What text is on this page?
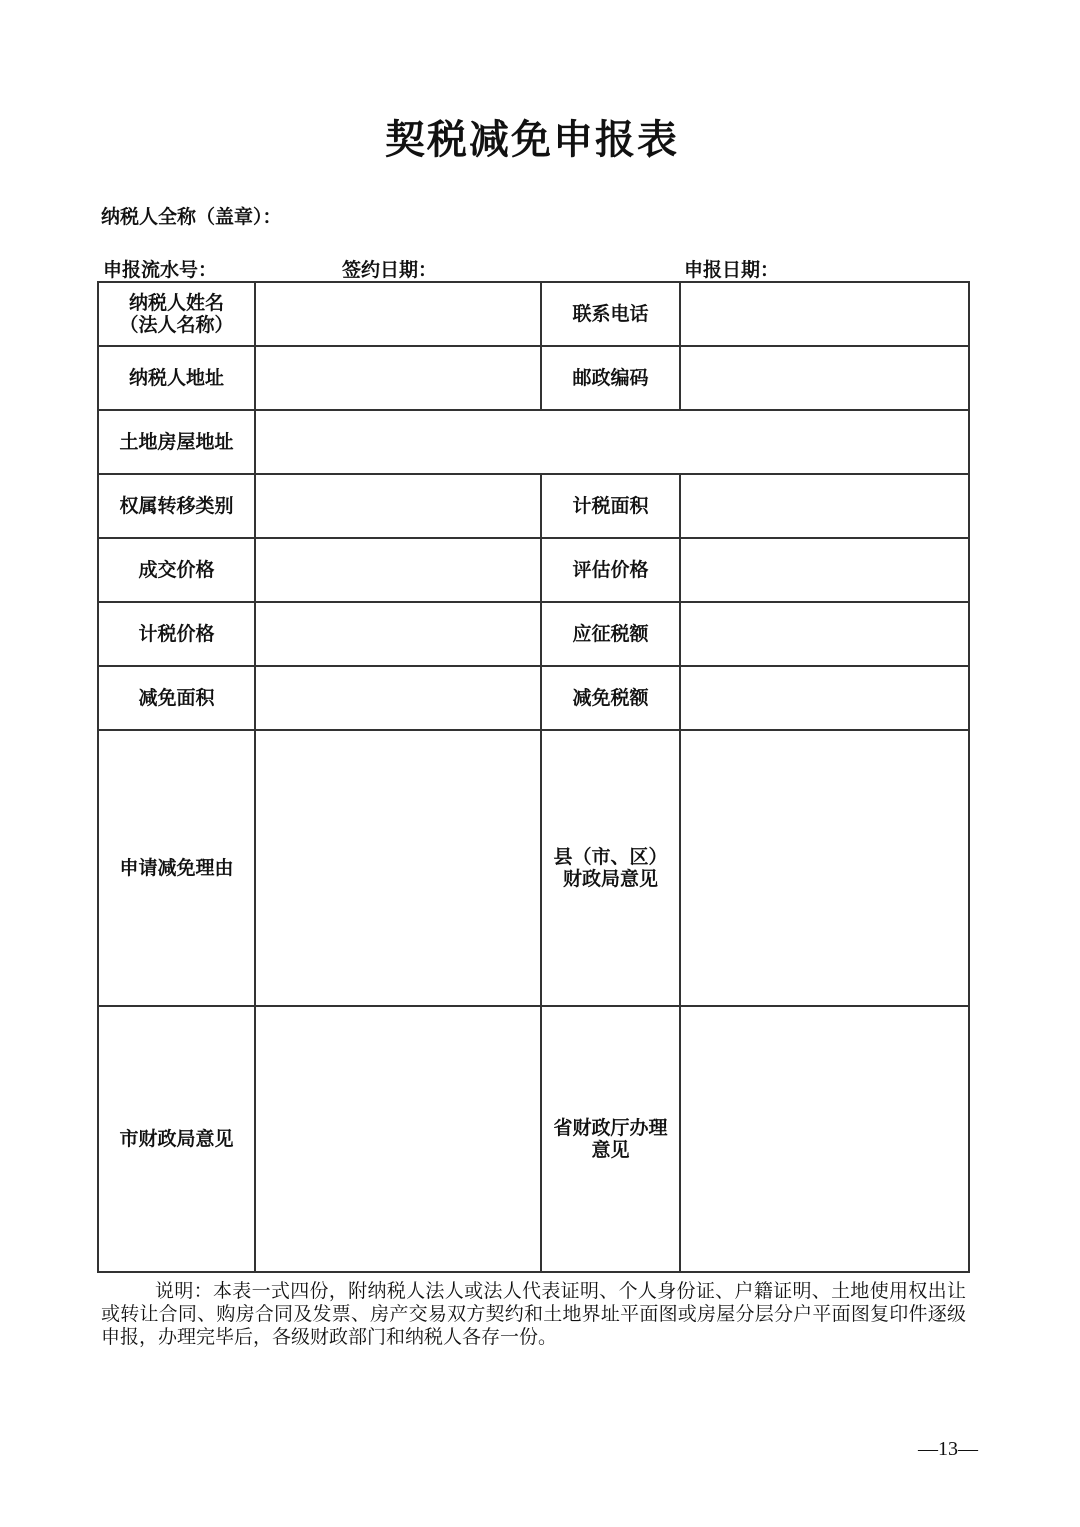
契税减免申报表
纳税人全称（盖章）：
申报流水号：	签约日期：	申报日期：
纳税人姓名
（法人名称）		联系电话	
纳税人地址		邮政编码	
土地房屋地址			
权属转移类别		计税面积	
成交价格		评估价格	
计税价格		应征税额	
减免面积		减免税额	
申请减免理由		县（市、区）
财政局意见	

市财政局意见		省财政厅办理
意见	

说明：本表一式四份，附纳税人法人或法人代表证明、个人身份证、户籍证明、土地使用权出让或转让合同、购房合同及发票、房产交易双方契约和土地界址平面图或房屋分层分户平面图复印件逐级申报，办理完毕后，各级财政部门和纳税人各存一份。
—13—
